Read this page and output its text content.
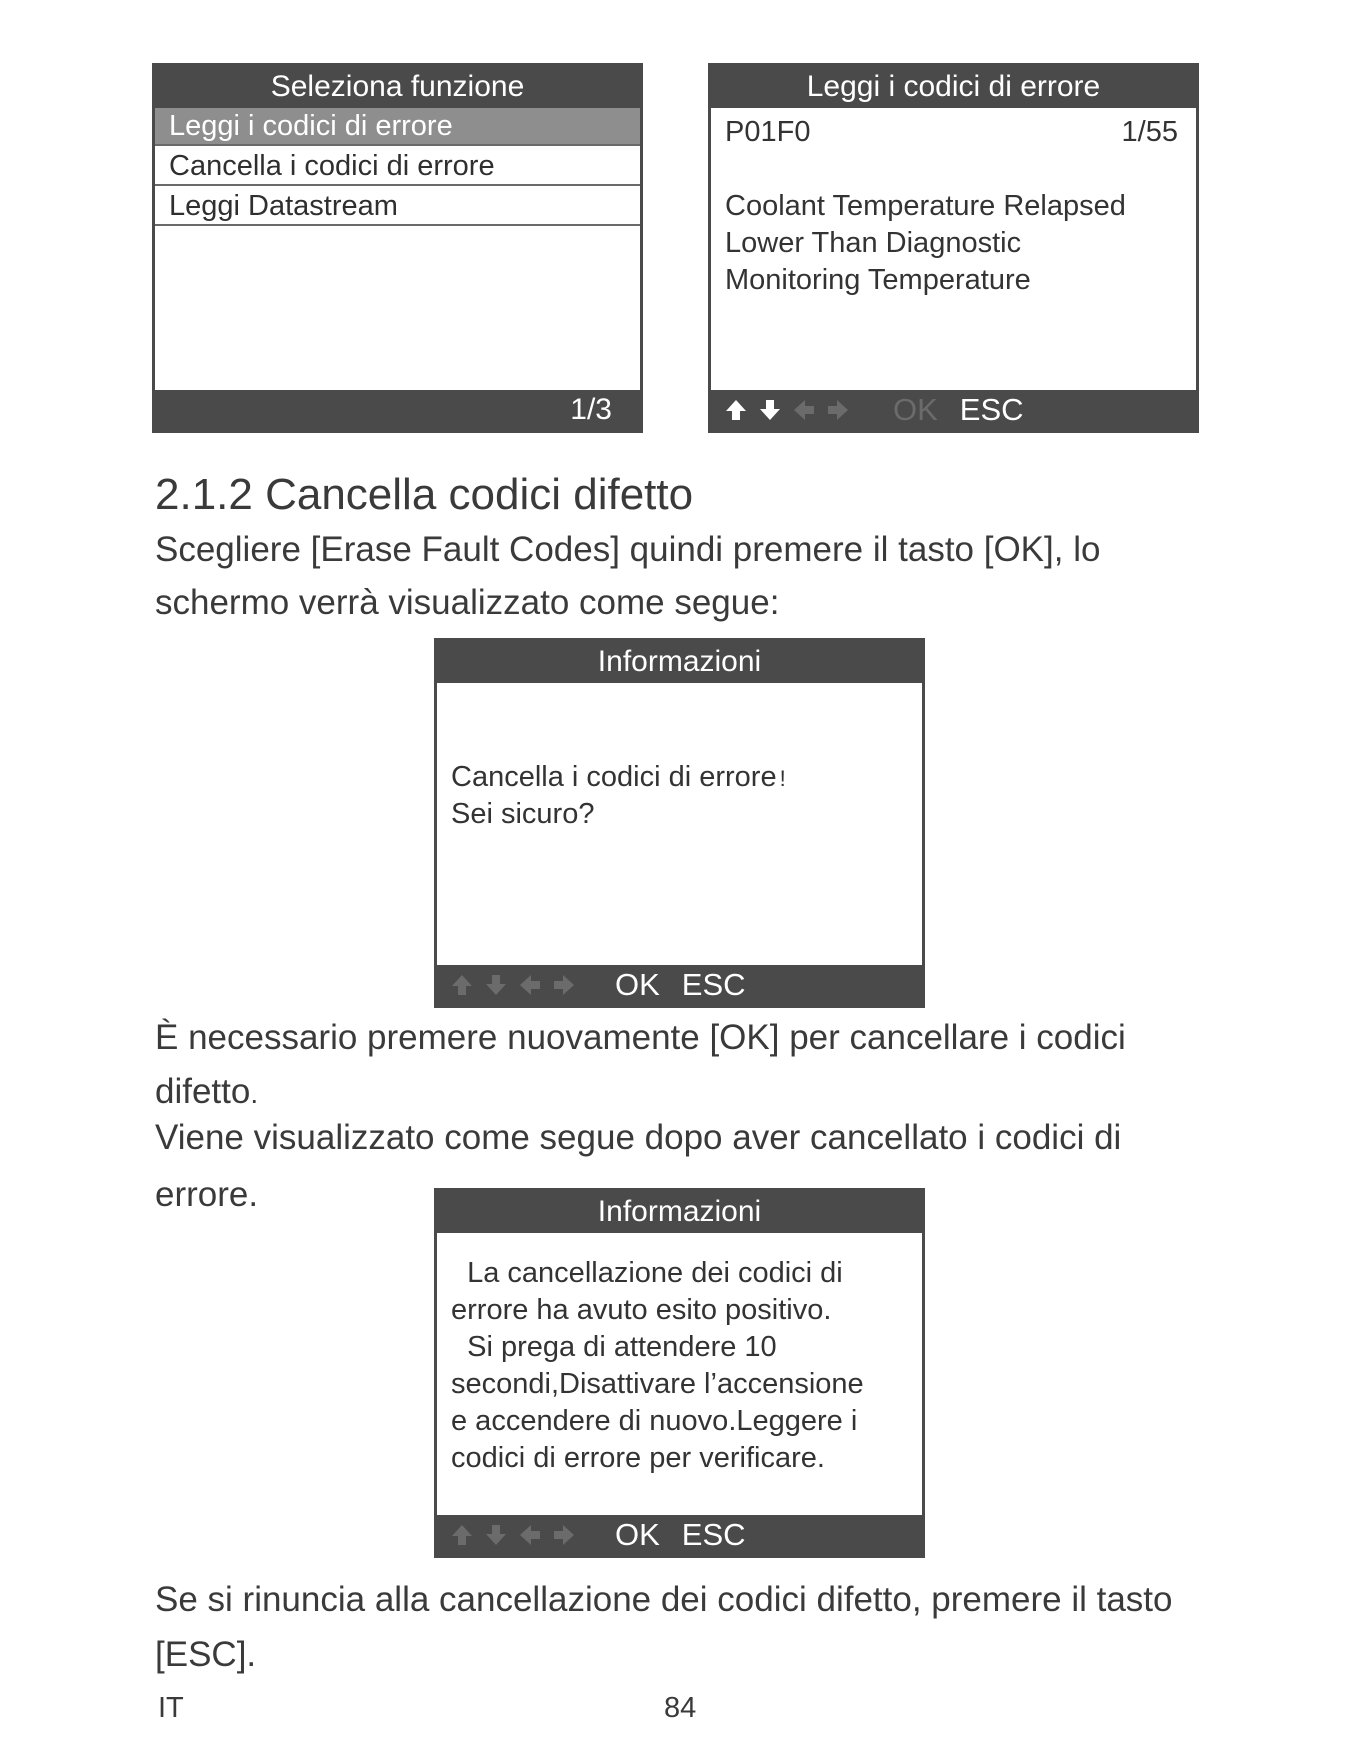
Seleziona funzione
Leggi i codici di errore
Cancella i codici di errore
Leggi Datastream
1/3
Leggi i codici di errore
P01F0	1/55
Coolant Temperature Relapsed
Lower Than Diagnostic
Monitoring Temperature
OK ESC
2.1.2 Cancella codici difetto
Scegliere [Erase Fault Codes] quindi premere il tasto [OK], lo
schermo verrà visualizzato come segue:
Informazioni
Cancella i codici di errore !
Sei sicuro?
OK ESC
È necessario premere nuovamente [OK] per cancellare i codici
difetto.
Viene visualizzato come segue dopo aver cancellato i codici di
errore.	Informazioni
La cancellazione dei codici di
errore ha avuto esito positivo.
Si prega di attendere 10
secondi,Disattivare l’accensione
e accendere di nuovo.Leggere i
codici di errore per verificare.
OK ESC
Se si rinuncia alla cancellazione dei codici difetto, premere il tasto
[ESC].
IT	84
